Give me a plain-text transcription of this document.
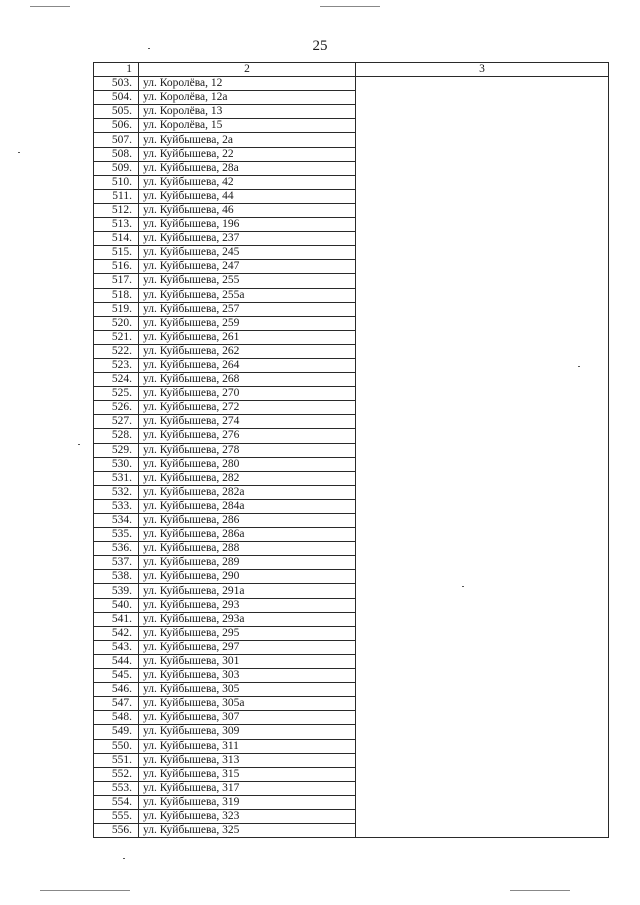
25
1	2	3
503.	ул. Королёва, 12	
504.	ул. Королёва, 12а	
505.	ул. Королёва, 13	
506.	ул. Королёва, 15	
507.	ул. Куйбышева, 2а	
508.	ул. Куйбышева, 22	
509.	ул. Куйбышева, 28а	
510.	ул. Куйбышева, 42	
511.	ул. Куйбышева, 44	
512.	ул. Куйбышева, 46	
513.	ул. Куйбышева, 196	
514.	ул. Куйбышева, 237	
515.	ул. Куйбышева, 245	
516.	ул. Куйбышева, 247	
517.	ул. Куйбышева, 255	
518.	ул. Куйбышева, 255а	
519.	ул. Куйбышева, 257	
520.	ул. Куйбышева, 259	
521.	ул. Куйбышева, 261	
522.	ул. Куйбышева, 262	
523.	ул. Куйбышева, 264	
524.	ул. Куйбышева, 268	
525.	ул. Куйбышева, 270	
526.	ул. Куйбышева, 272	
527.	ул. Куйбышева, 274	
528.	ул. Куйбышева, 276	
529.	ул. Куйбышева, 278	
530.	ул. Куйбышева, 280	
531.	ул. Куйбышева, 282	
532.	ул. Куйбышева, 282а	
533.	ул. Куйбышева, 284а	
534.	ул. Куйбышева, 286	
535.	ул. Куйбышева, 286а	
536.	ул. Куйбышева, 288	
537.	ул. Куйбышева, 289	
538.	ул. Куйбышева, 290	
539.	ул. Куйбышева, 291а	
540.	ул. Куйбышева, 293	
541.	ул. Куйбышева, 293а	
542.	ул. Куйбышева, 295	
543.	ул. Куйбышева, 297	
544.	ул. Куйбышева, 301	
545.	ул. Куйбышева, 303	
546.	ул. Куйбышева, 305	
547.	ул. Куйбышева, 305а	
548.	ул. Куйбышева, 307	
549.	ул. Куйбышева, 309	
550.	ул. Куйбышева, 311	
551.	ул. Куйбышева, 313	
552.	ул. Куйбышева, 315	
553.	ул. Куйбышева, 317	
554.	ул. Куйбышева, 319	
555.	ул. Куйбышева, 323	
556.	ул. Куйбышева, 325	
